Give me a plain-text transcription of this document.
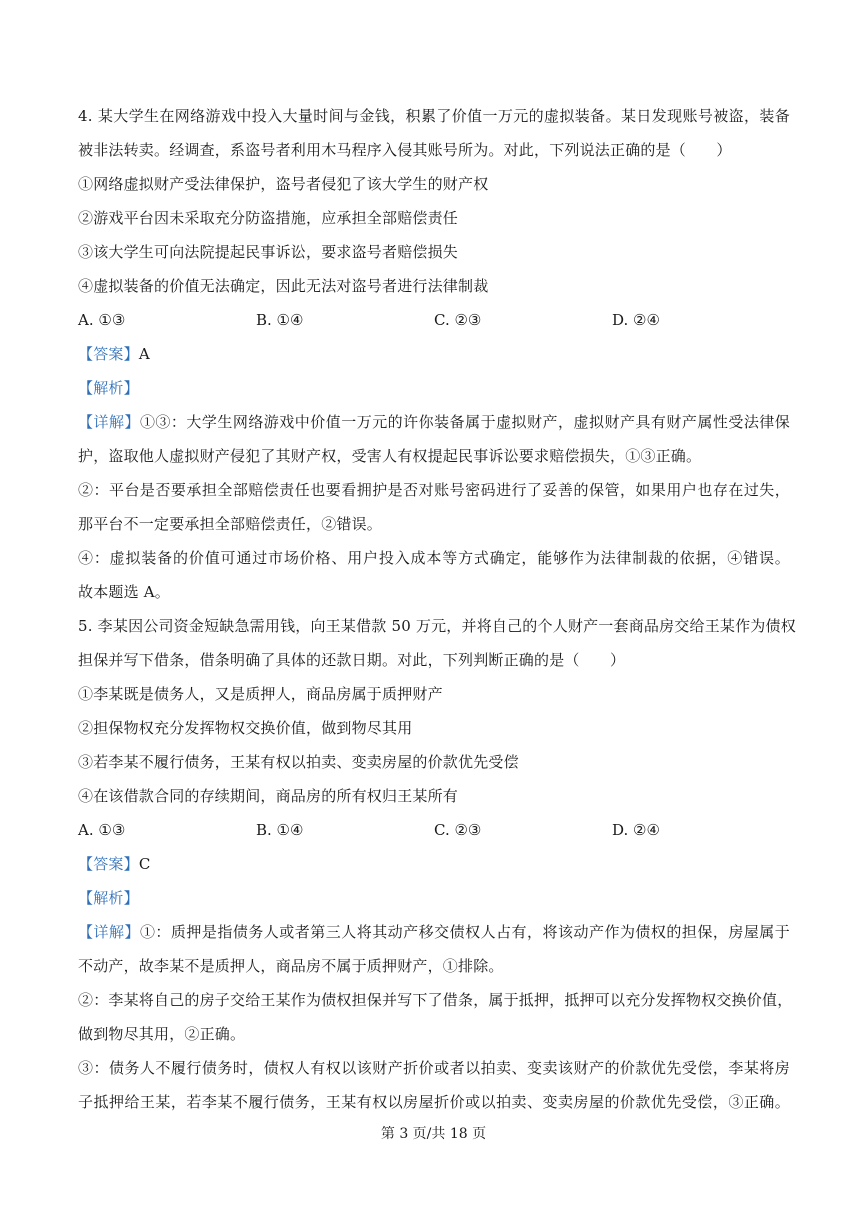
4. 某大学生在网络游戏中投入大量时间与金钱，积累了价值一万元的虚拟装备。某日发现账号被盗，装备
被非法转卖。经调查，系盗号者利用木马程序入侵其账号所为。对此，下列说法正确的是（　　）
①网络虚拟财产受法律保护，盗号者侵犯了该大学生的财产权
②游戏平台因未采取充分防盗措施，应承担全部赔偿责任
③该大学生可向法院提起民事诉讼，要求盗号者赔偿损失
④虚拟装备的价值无法确定，因此无法对盗号者进行法律制裁
A. ①③	B. ①④	C. ②③	D. ②④
【答案】A
【解析】
【详解】①③：大学生网络游戏中价值一万元的许你装备属于虚拟财产，虚拟财产具有财产属性受法律保
护，盗取他人虚拟财产侵犯了其财产权，受害人有权提起民事诉讼要求赔偿损失，①③正确。
②：平台是否要承担全部赔偿责任也要看拥护是否对账号密码进行了妥善的保管，如果用户也存在过失，
那平台不一定要承担全部赔偿责任，②错误。
④：虚拟装备的价值可通过市场价格、用户投入成本等方式确定，能够作为法律制裁的依据，④错误。
故本题选 A。
5. 李某因公司资金短缺急需用钱，向王某借款 50 万元，并将自己的个人财产一套商品房交给王某作为债权
担保并写下借条，借条明确了具体的还款日期。对此，下列判断正确的是（　　）
①李某既是债务人，又是质押人，商品房属于质押财产
②担保物权充分发挥物权交换价值，做到物尽其用
③若李某不履行债务，王某有权以拍卖、变卖房屋的价款优先受偿
④在该借款合同的存续期间，商品房的所有权归王某所有
A. ①③	B. ①④	C. ②③	D. ②④
【答案】C
【解析】
【详解】①：质押是指债务人或者第三人将其动产移交债权人占有，将该动产作为债权的担保，房屋属于
不动产，故李某不是质押人，商品房不属于质押财产，①排除。
②：李某将自己的房子交给王某作为债权担保并写下了借条，属于抵押，抵押可以充分发挥物权交换价值，
做到物尽其用，②正确。
③：债务人不履行债务时，债权人有权以该财产折价或者以拍卖、变卖该财产的价款优先受偿，李某将房
子抵押给王某，若李某不履行债务，王某有权以房屋折价或以拍卖、变卖房屋的价款优先受偿，③正确。
第 3 页/共 18 页
